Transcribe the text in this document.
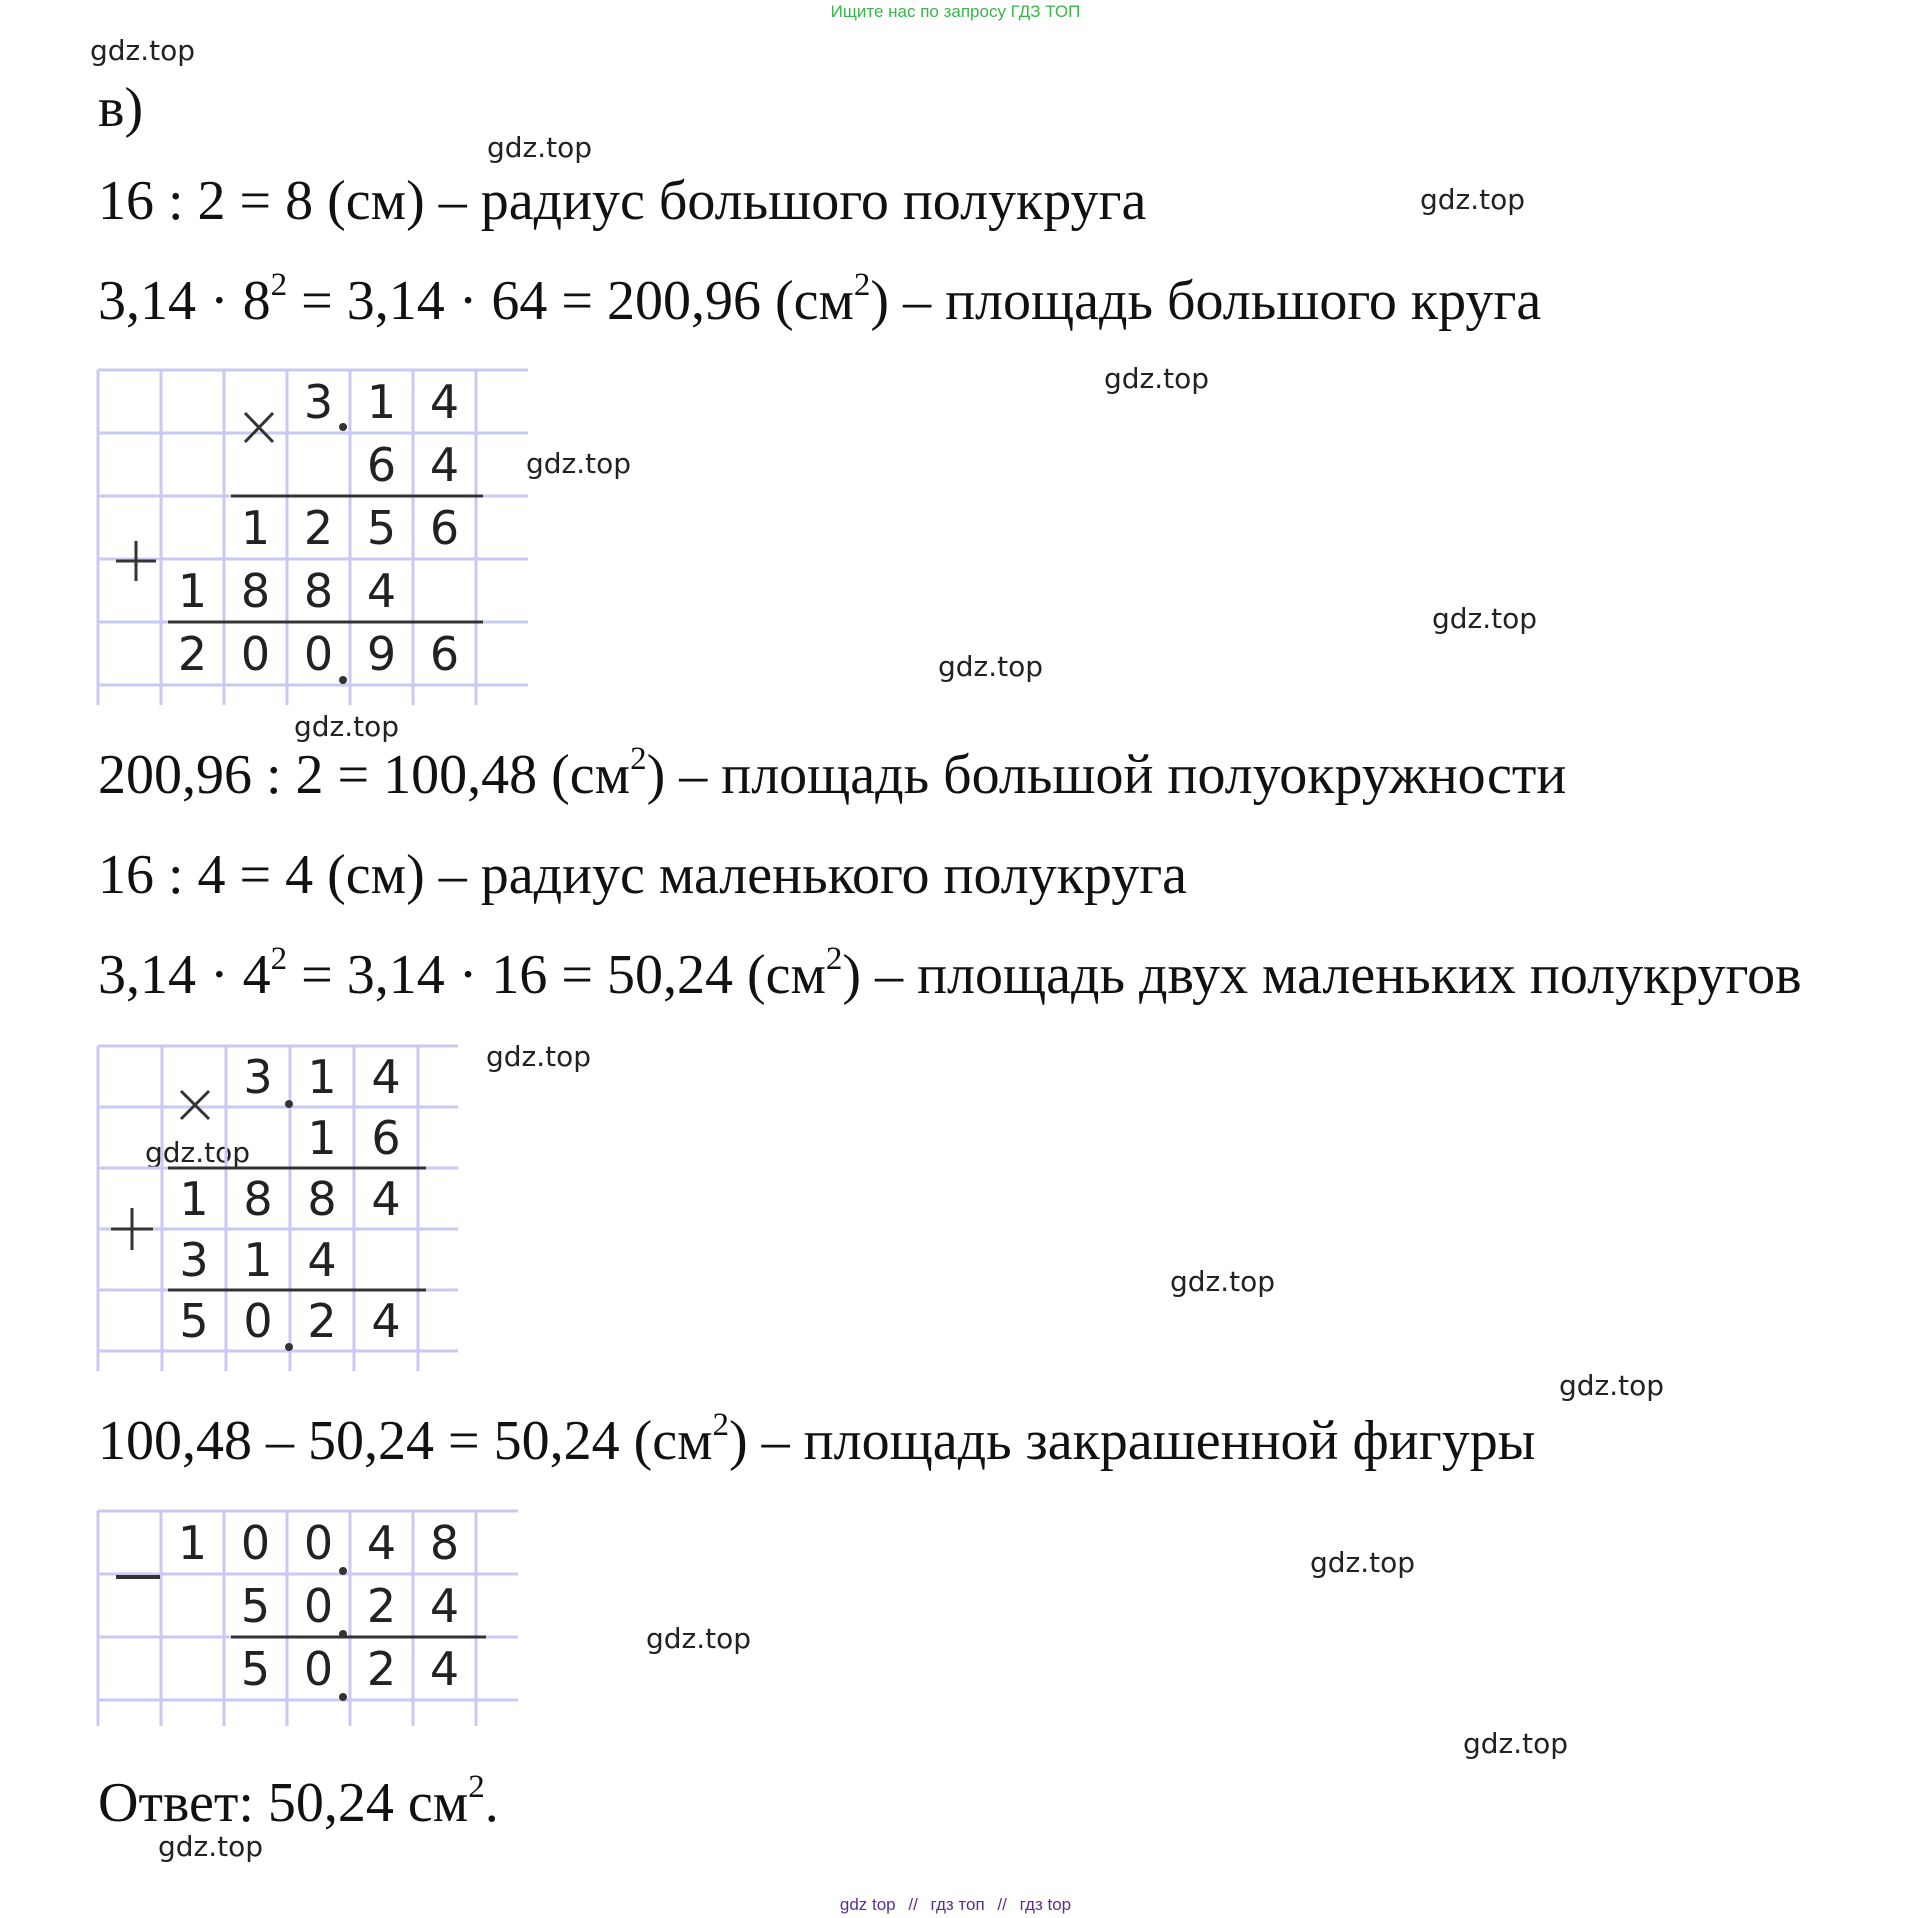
Ищите нас по запросу ГДЗ ТОП
gdz.top
gdz.top
gdz.top
gdz.top
gdz.top
gdz.top
gdz.top
gdz.top
gdz.top
gdz.top
gdz.top
gdz.top
gdz.top
gdz.top
gdz.top
gdz.top
в)
16 : 2 = 8 (см) – радиус большого полукруга
$3,14 \cdot 8^2 = 3,14 \cdot 64 = 200,96$ $(см^2)$ – площадь большого круга
3 1 4
6 4
1 2 5 6
1 8 8 4
2 0 0 9 6
200,96 : 2 = 100,48 $(см^2)$ – площадь большой полуокружности
16 : 4 = 4 (см) – радиус маленького полукруга
$3,14 \cdot 4^2 = 3,14 \cdot 16 = 50,24$ $(см^2)$ – площадь двух маленьких полукругов
3 1 4
1 6
1 8 8 4
3 1 4
5 0 2 4
100,48 – 50,24 = 50,24 $(см^2)$ – площадь закрашенной фигуры
1 0 0 4 8
5 0 2 4
5 0 2 4
Ответ: 50,24 $см^2$.
gdz top // гдз топ // гдз top
